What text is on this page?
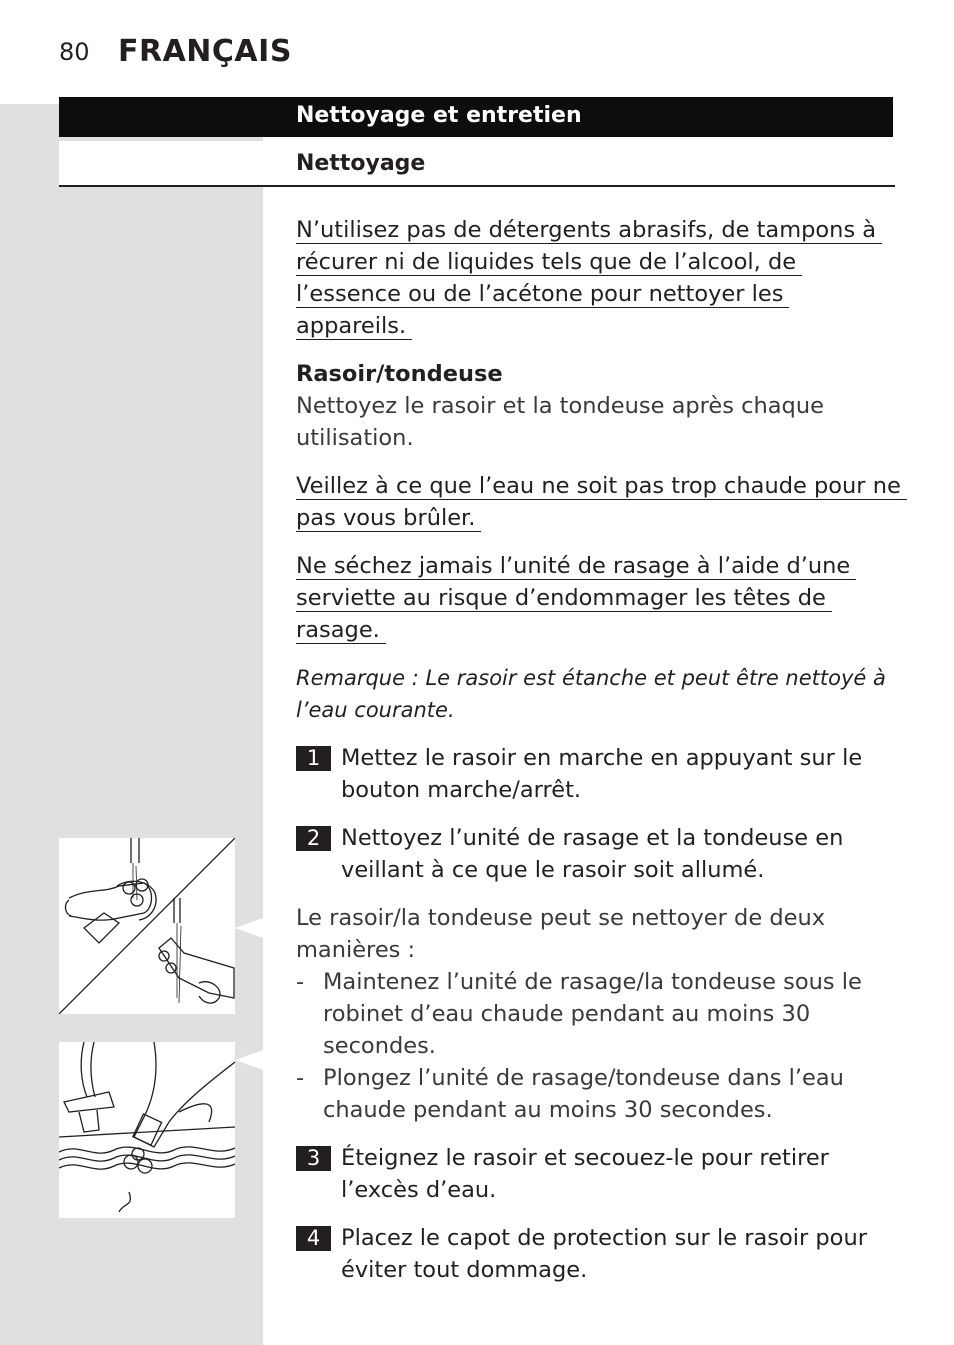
80 FRANÇAIS
Nettoyage et entretien
Nettoyage

N’utilisez pas de détergents abrasifs, de tampons à récurer ni de liquides tels que de l’alcool, de l’essence ou de l’acétone pour nettoyer les appareils.

Rasoir/tondeuse

Nettoyez le rasoir et la tondeuse après chaque utilisation.

Veillez à ce que l’eau ne soit pas trop chaude pour ne pas vous brûler.

Ne séchez jamais l’unité de rasage à l’aide d’une serviette au risque d’endommager les têtes de rasage.

Remarque : Le rasoir est étanche et peut être nettoyé à l’eau courante.

1 Mettez le rasoir en marche en appuyant sur le bouton marche/arrêt.

2 Nettoyez l’unité de rasage et la tondeuse en veillant à ce que le rasoir soit allumé.

Le rasoir/la tondeuse peut se nettoyer de deux manières :

- Maintenez l’unité de rasage/la tondeuse sous le robinet d’eau chaude pendant au moins 30 secondes.

- Plongez l’unité de rasage/tondeuse dans l’eau chaude pendant au moins 30 secondes.

3 Éteignez le rasoir et secouez-le pour retirer l’excès d’eau.

4 Placez le capot de protection sur le rasoir pour éviter tout dommage.
